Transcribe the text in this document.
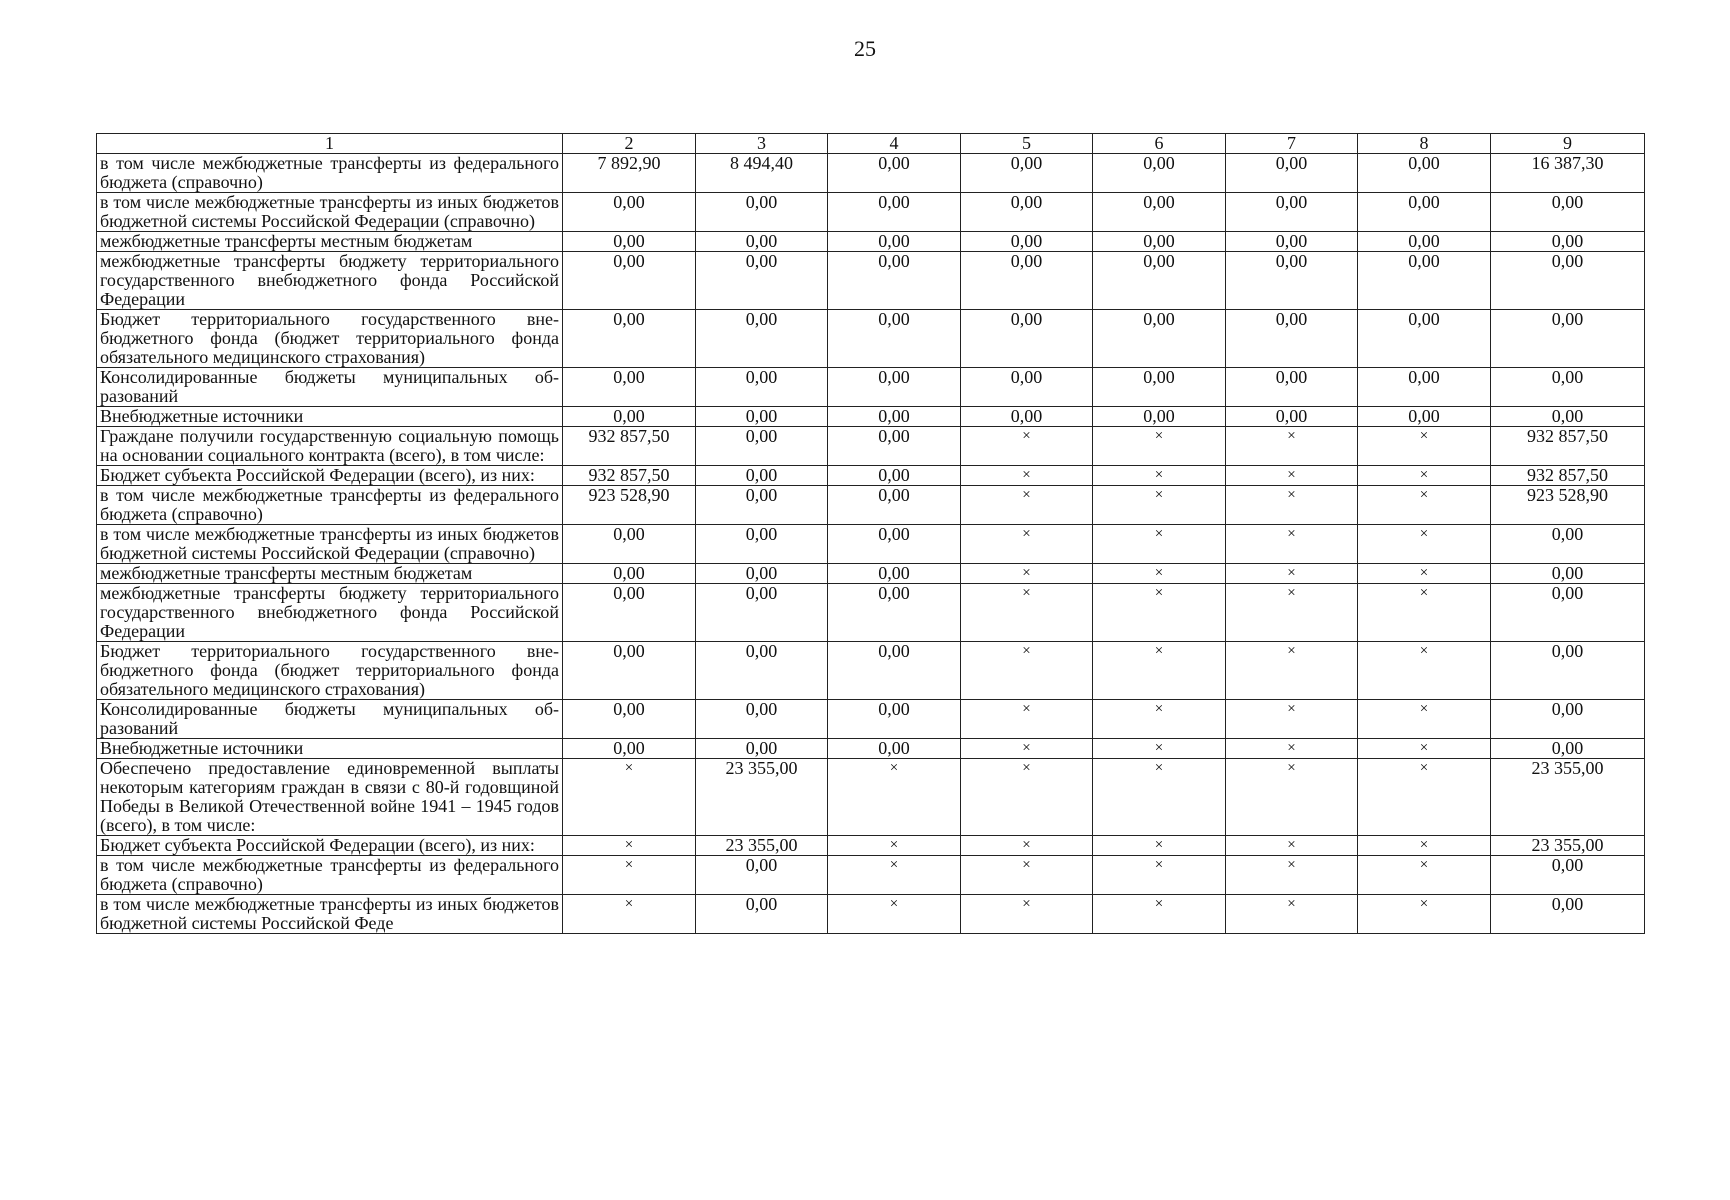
25
1	2	3	4	5	6	7	8	9
в том числе межбюджетные трансферты из федерального бюджета (справочно)	7 892,90	8 494,40	0,00	0,00	0,00	0,00	0,00	16 387,30
в том числе межбюджетные трансферты из иных бюджетов бюджетной системы Российской Федерации (справочно)	0,00	0,00	0,00	0,00	0,00	0,00	0,00	0,00
межбюджетные трансферты местным бюджетам	0,00	0,00	0,00	0,00	0,00	0,00	0,00	0,00
межбюджетные трансферты бюджету территориального государственного внебюджетного фонда Российской Федерации	0,00	0,00	0,00	0,00	0,00	0,00	0,00	0,00
Бюджет территориального государственного внебюджетного фонда (бюджет территориального фонда обязательного медицинского страхования)	0,00	0,00	0,00	0,00	0,00	0,00	0,00	0,00
Консолидированные бюджеты муниципальных образований	0,00	0,00	0,00	0,00	0,00	0,00	0,00	0,00
Внебюджетные источники	0,00	0,00	0,00	0,00	0,00	0,00	0,00	0,00
Граждане получили государственную социальную помощь на основании социального контракта (всего), в том числе:	932 857,50	0,00	0,00	×	×	×	×	932 857,50
Бюджет субъекта Российской Федерации (всего), из них:	932 857,50	0,00	0,00	×	×	×	×	932 857,50
в том числе межбюджетные трансферты из федерального бюджета (справочно)	923 528,90	0,00	0,00	×	×	×	×	923 528,90
в том числе межбюджетные трансферты из иных бюджетов бюджетной системы Российской Федерации (справочно)	0,00	0,00	0,00	×	×	×	×	0,00
межбюджетные трансферты местным бюджетам	0,00	0,00	0,00	×	×	×	×	0,00
межбюджетные трансферты бюджету территориального государственного внебюджетного фонда Российской Федерации	0,00	0,00	0,00	×	×	×	×	0,00
Бюджет территориального государственного внебюджетного фонда (бюджет территориального фонда обязательного медицинского страхования)	0,00	0,00	0,00	×	×	×	×	0,00
Консолидированные бюджеты муниципальных образований	0,00	0,00	0,00	×	×	×	×	0,00
Внебюджетные источники	0,00	0,00	0,00	×	×	×	×	0,00
Обеспечено предоставление единовременной выплаты некоторым категориям граждан в связи с 80-й годовщиной Победы в Великой Отечественной войне 1941 – 1945 годов (всего), в том числе:	×	23 355,00	×	×	×	×	×	23 355,00
Бюджет субъекта Российской Федерации (всего), из них:	×	23 355,00	×	×	×	×	×	23 355,00
в том числе межбюджетные трансферты из федерального бюджета (справочно)	×	0,00	×	×	×	×	×	0,00
в том числе межбюджетные трансферты из иных бюджетов бюджетной системы Российской Феде	×	0,00	×	×	×	×	×	0,00
